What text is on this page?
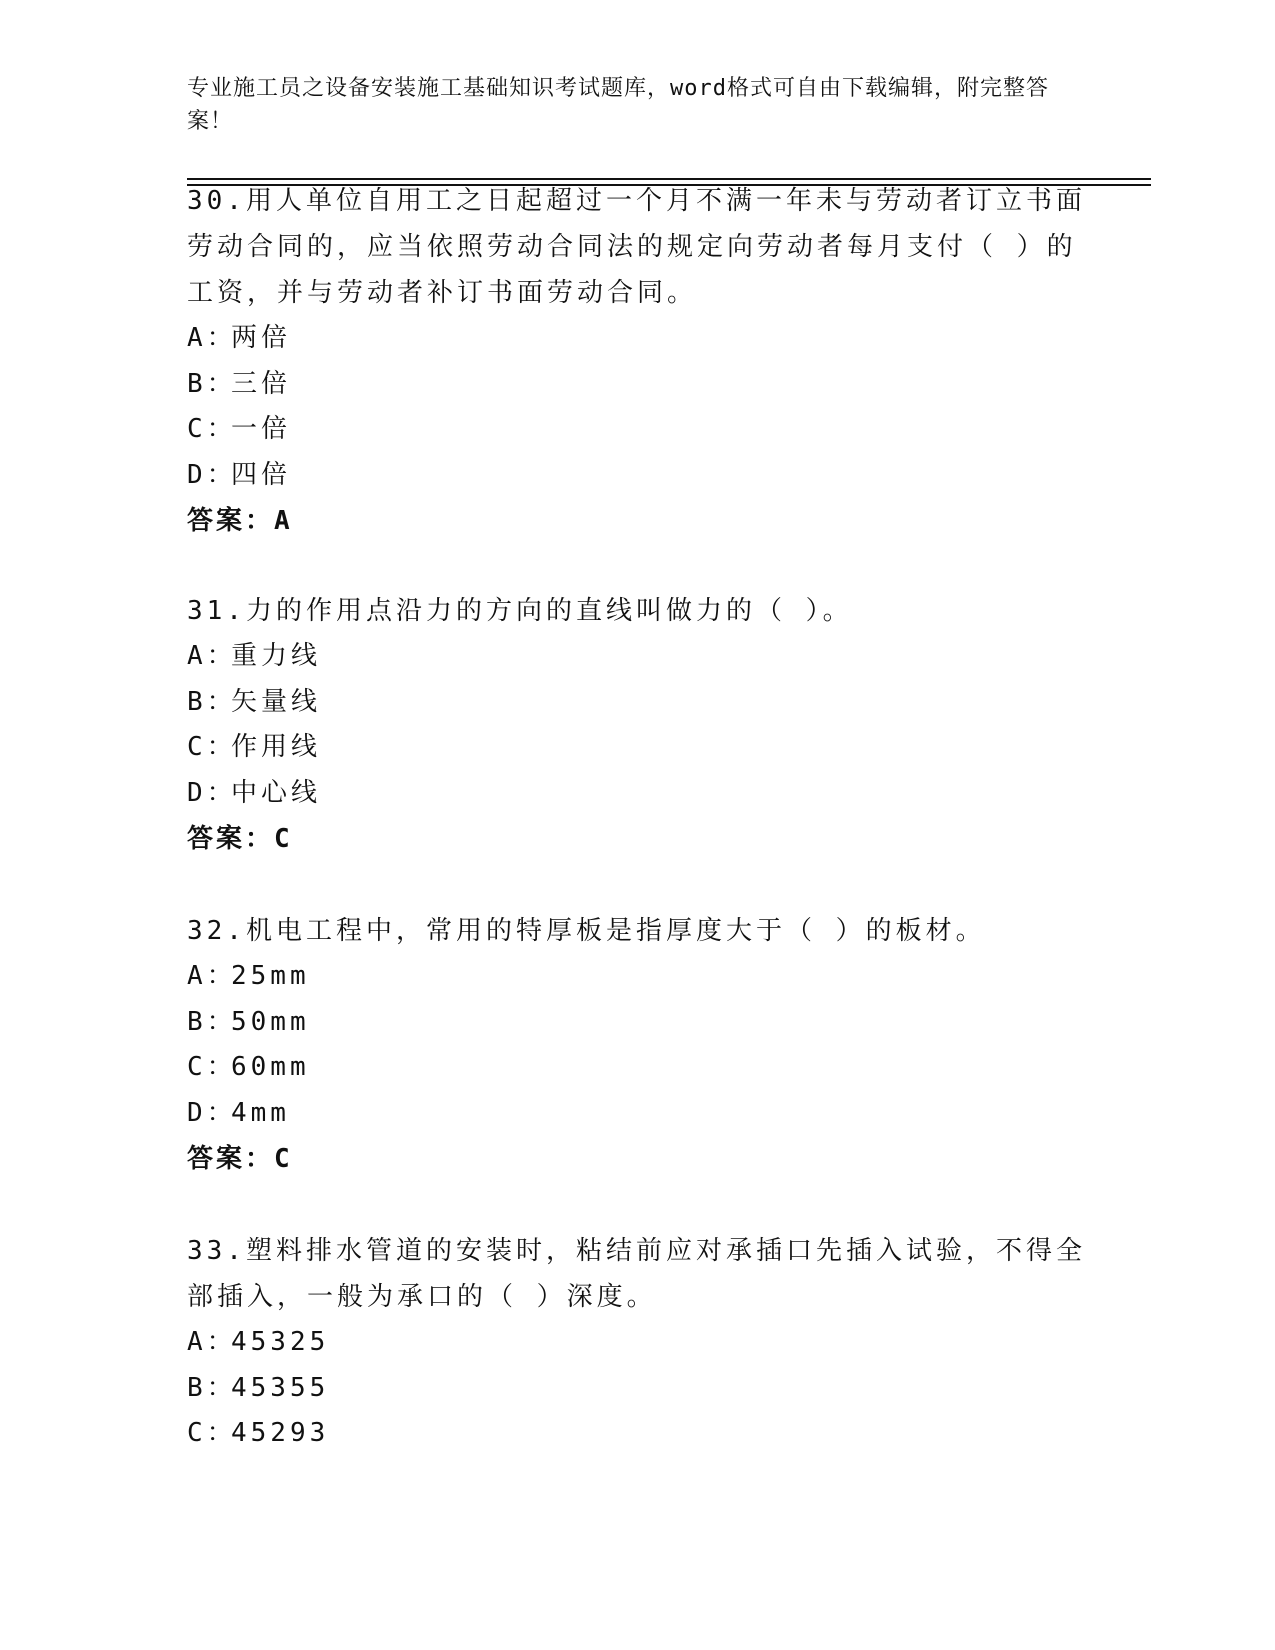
专业施工员之设备安装施工基础知识考试题库，word格式可自由下载编辑，附完整答案！

30.用人单位自用工之日起超过一个月不满一年未与劳动者订立书面劳动合同的，应当依照劳动合同法的规定向劳动者每月支付（ ）的工资，并与劳动者补订书面劳动合同。

A：
两倍

B：
三倍

C：
一倍

D：
四倍

答案：A

31.力的作用点沿力的方向的直线叫做力的（ ）。

A：
重力线

B：
矢量线

C：
作用线

D：
中心线

答案：C

32.机电工程中，常用的特厚板是指厚度大于（ ）的板材。

A：
25mm

B：
50mm

C：
60mm

D：
4mm

答案：C

33.塑料排水管道的安装时，粘结前应对承插口先插入试验，不得全部插入，一般为承口的（ ）深度。

A：
45325

B：
45355

C：
45293
